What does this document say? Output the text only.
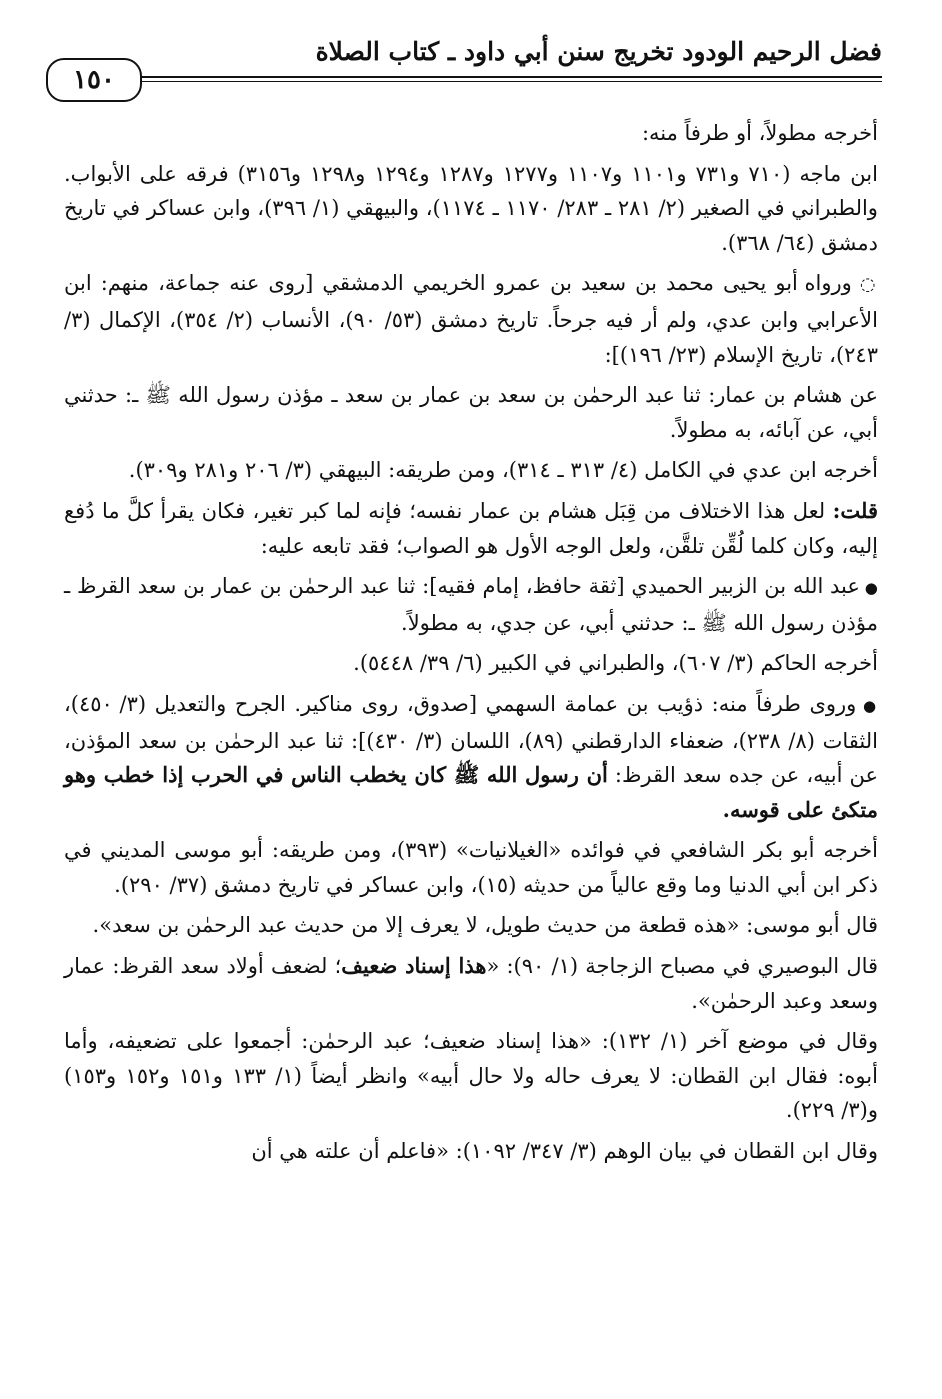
فضل الرحيم الودود تخريج سنن أبي داود ـ كتاب الصلاة
١٥٠

أخرجه مطولاً، أو طرفاً منه:

ابن ماجه (٧١٠ و٧٣١ و١١٠١ و١١٠٧ و١٢٧٧ و١٢٨٧ و١٢٩٤ و١٢٩٨ و٣١٥٦) فرقه على الأبواب. والطبراني في الصغير (٢/ ٢٨١ ـ ٢٨٣/ ١١٧٠ ـ ١١٧٤)، والبيهقي (١/ ٣٩٦)، وابن عساكر في تاريخ دمشق (٦٤/ ٣٦٨).

◌ ورواه أبو يحيى محمد بن سعيد بن عمرو الخريمي الدمشقي [روى عنه جماعة، منهم: ابن الأعرابي وابن عدي، ولم أر فيه جرحاً. تاريخ دمشق (٥٣/ ٩٠)، الأنساب (٢/ ٣٥٤)، الإكمال (٣/ ٢٤٣)، تاريخ الإسلام (٢٣/ ١٩٦)]:

عن هشام بن عمار: ثنا عبد الرحمٰن بن سعد بن عمار بن سعد ـ مؤذن رسول الله ﷺ ـ: حدثني أبي، عن آبائه، به مطولاً.

أخرجه ابن عدي في الكامل (٤/ ٣١٣ ـ ٣١٤)، ومن طريقه: البيهقي (٣/ ٢٠٦ و٢٨١ و٣٠٩).

قلت: لعل هذا الاختلاف من قِبَل هشام بن عمار نفسه؛ فإنه لما كبر تغير، فكان يقرأ كلَّ ما دُفع إليه، وكان كلما لُقِّن تلقَّن، ولعل الوجه الأول هو الصواب؛ فقد تابعه عليه:

● عبد الله بن الزبير الحميدي [ثقة حافظ، إمام فقيه]: ثنا عبد الرحمٰن بن عمار بن سعد القرظ ـ مؤذن رسول الله ﷺ ـ: حدثني أبي، عن جدي، به مطولاً.

أخرجه الحاكم (٣/ ٦٠٧)، والطبراني في الكبير (٦/ ٣٩/ ٥٤٤٨).

● وروى طرفاً منه: ذؤيب بن عمامة السهمي [صدوق، روى مناكير. الجرح والتعديل (٣/ ٤٥٠)، الثقات (٨/ ٢٣٨)، ضعفاء الدارقطني (٨٩)، اللسان (٣/ ٤٣٠)]: ثنا عبد الرحمٰن بن سعد المؤذن، عن أبيه، عن جده سعد القرظ: أن رسول الله ﷺ كان يخطب الناس في الحرب إذا خطب وهو متكئ على قوسه.

أخرجه أبو بكر الشافعي في فوائده «الغيلانيات» (٣٩٣)، ومن طريقه: أبو موسى المديني في ذكر ابن أبي الدنيا وما وقع عالياً من حديثه (١٥)، وابن عساكر في تاريخ دمشق (٣٧/ ٢٩٠).

قال أبو موسى: «هذه قطعة من حديث طويل، لا يعرف إلا من حديث عبد الرحمٰن بن سعد».

قال البوصيري في مصباح الزجاجة (١/ ٩٠): «هذا إسناد ضعيف؛ لضعف أولاد سعد القرظ: عمار وسعد وعبد الرحمٰن».

وقال في موضع آخر (١/ ١٣٢): «هذا إسناد ضعيف؛ عبد الرحمٰن: أجمعوا على تضعيفه، وأما أبوه: فقال ابن القطان: لا يعرف حاله ولا حال أبيه» وانظر أيضاً (١/ ١٣٣ و١٥١ و١٥٢ و١٥٣) و(٣/ ٢٢٩).

وقال ابن القطان في بيان الوهم (٣/ ٣٤٧/ ١٠٩٢): «فاعلم أن علته هي أن
